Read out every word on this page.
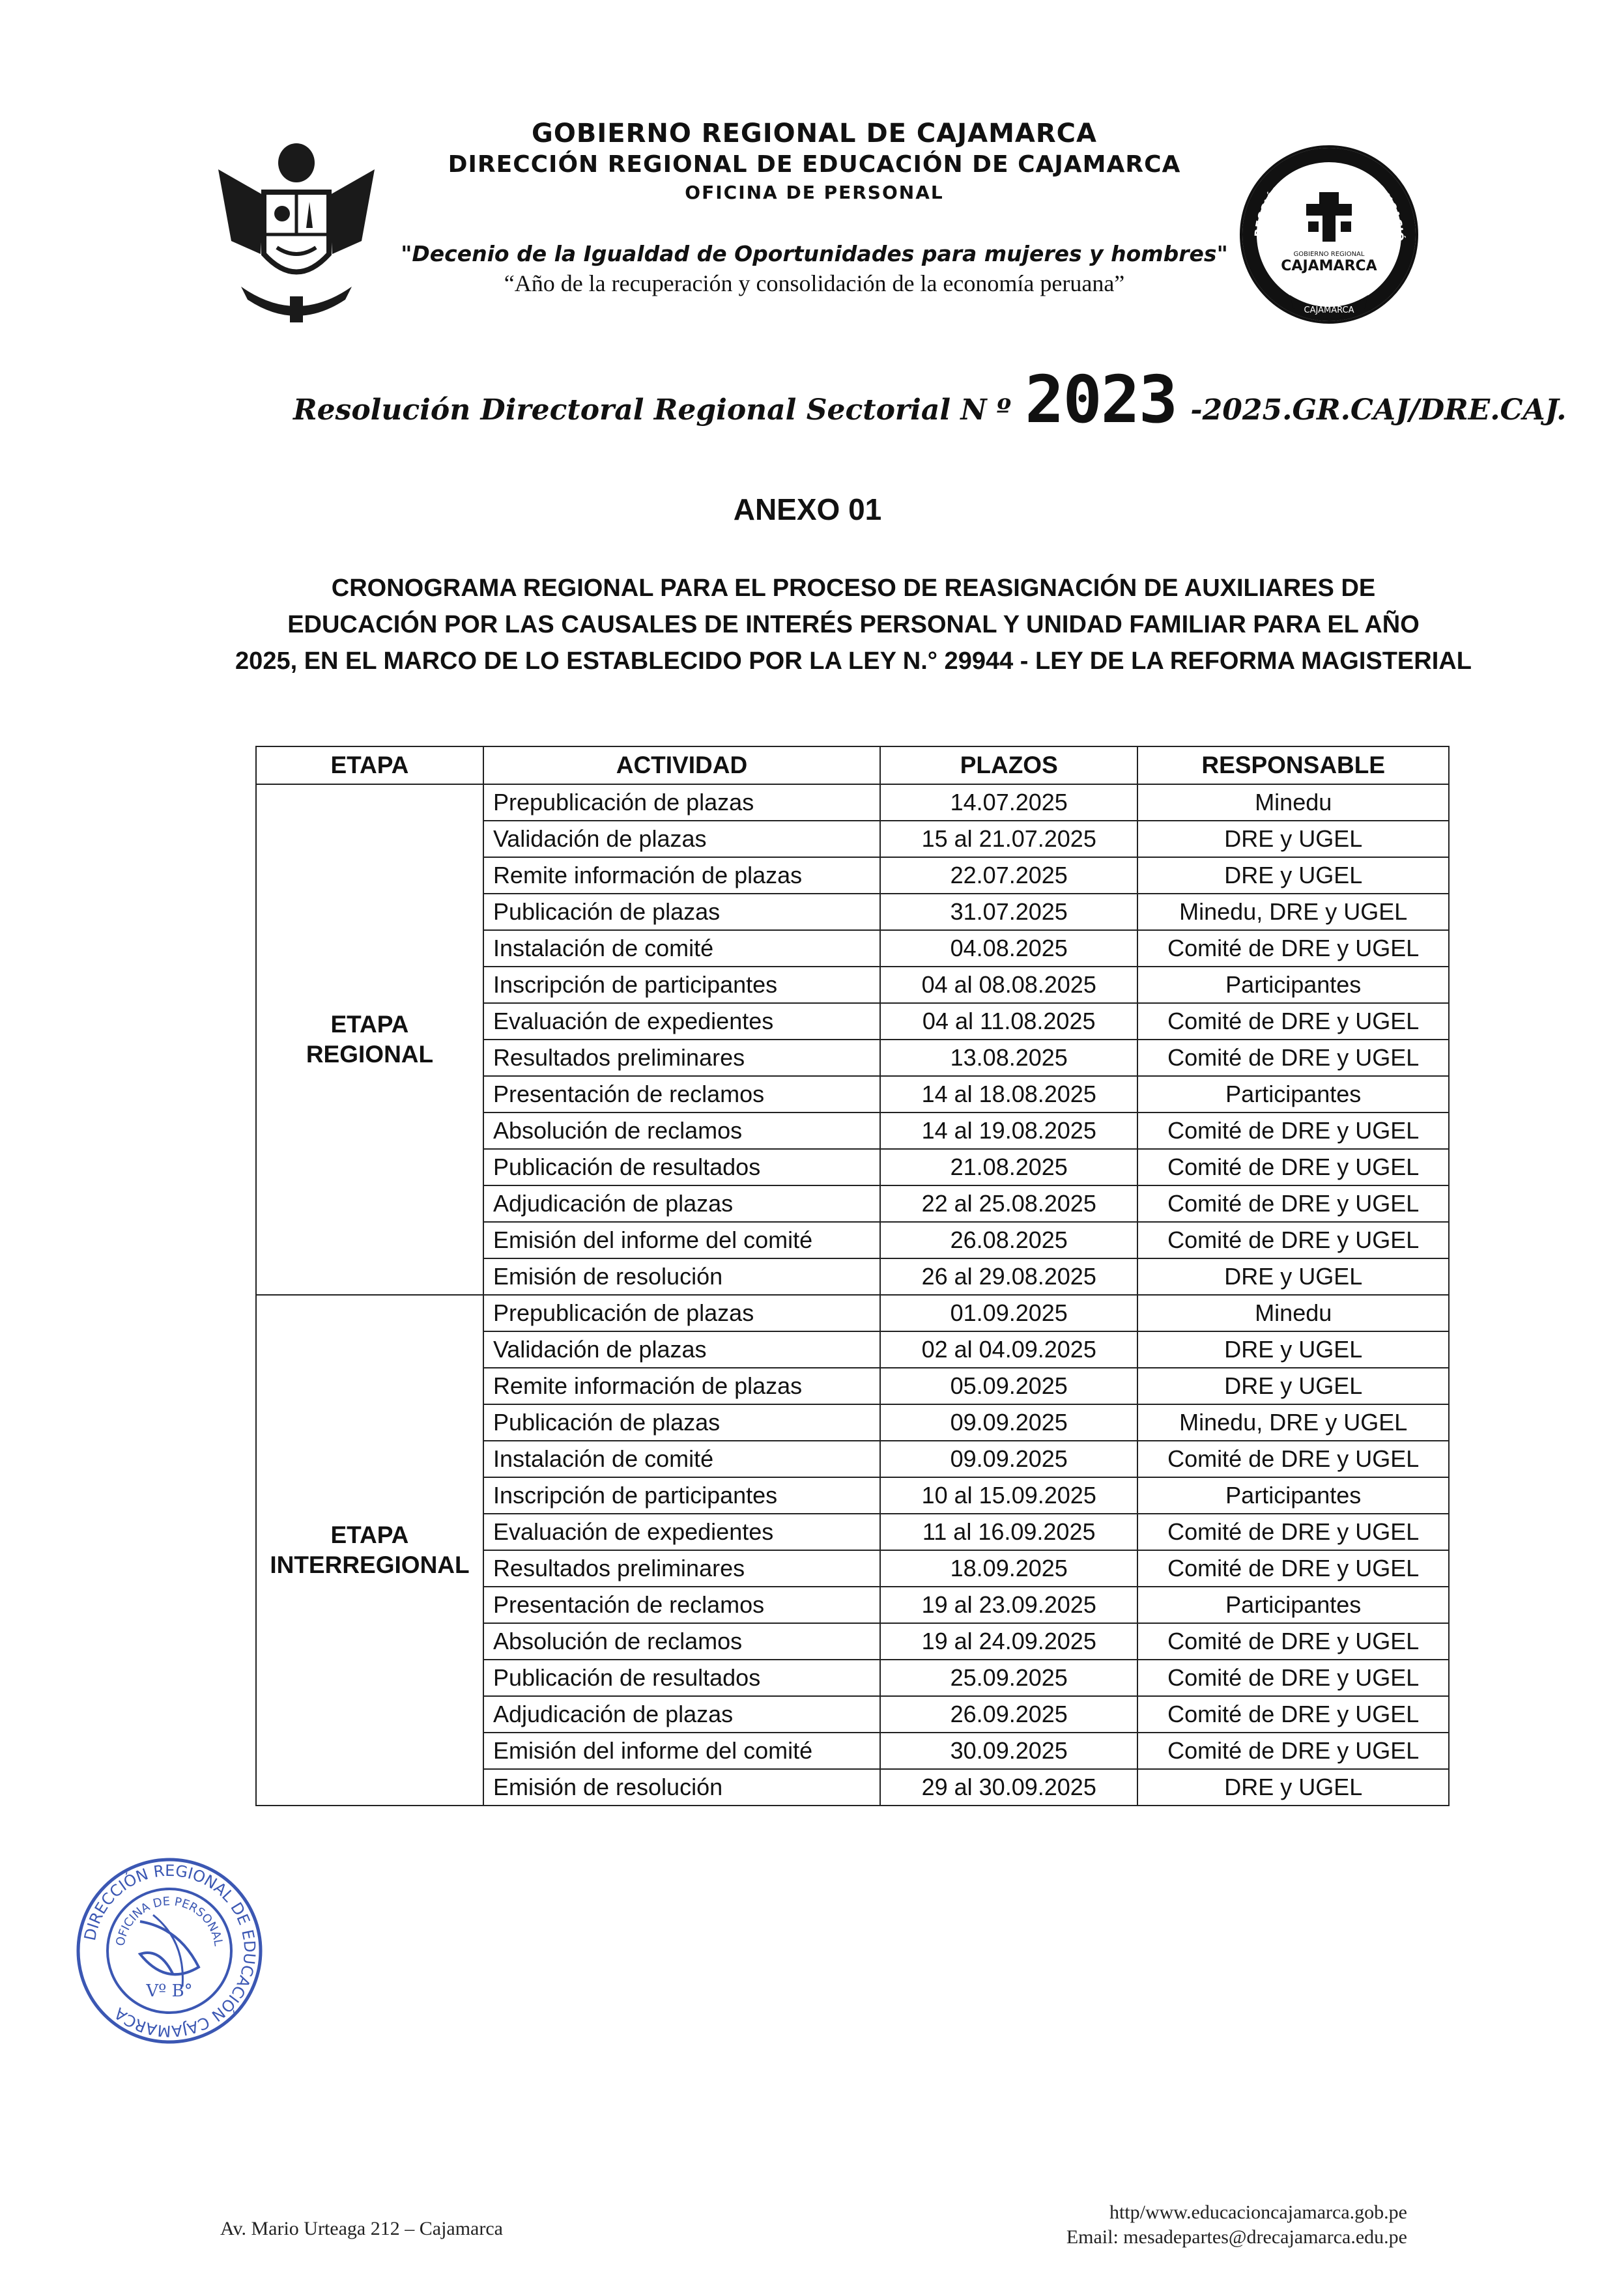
GOBIERNO REGIONAL DE CAJAMARCA
DIRECCIÓN REGIONAL DE EDUCACIÓN DE CAJAMARCA
OFICINA DE PERSONAL
"Decenio de la Igualdad de Oportunidades para mujeres y hombres"
“Año de la recuperación y consolidación de la economía peruana”
RECCIÓN REGIONAL DE EDUCACIÓ
GOBIERNO REGIONAL
CAJAMARCA
CAJAMARCA
Resolución Directoral Regional Sectorial N º 2023 -2025.GR.CAJ/DRE.CAJ.
ANEXO 01
CRONOGRAMA REGIONAL PARA EL PROCESO DE REASIGNACIÓN DE AUXILIARES DE
EDUCACIÓN POR LAS CAUSALES DE INTERÉS PERSONAL Y UNIDAD FAMILIAR PARA EL AÑO
2025, EN EL MARCO DE LO ESTABLECIDO POR LA LEY N.° 29944 - LEY DE LA REFORMA MAGISTERIAL
ETAPA	ACTIVIDAD	PLAZOS	RESPONSABLE

ETAPA
REGIONAL	Prepublicación de plazas	14.07.2025	Minedu
	Validación de plazas	15 al 21.07.2025	DRE y UGEL
	Remite información de plazas	22.07.2025	DRE y UGEL
	Publicación de plazas	31.07.2025	Minedu, DRE y UGEL
	Instalación de comité	04.08.2025	Comité de DRE y UGEL
	Inscripción de participantes	04 al 08.08.2025	Participantes
	Evaluación de expedientes	04 al 11.08.2025	Comité de DRE y UGEL
	Resultados preliminares	13.08.2025	Comité de DRE y UGEL
	Presentación de reclamos	14 al 18.08.2025	Participantes
	Absolución de reclamos	14 al 19.08.2025	Comité de DRE y UGEL
	Publicación de resultados	21.08.2025	Comité de DRE y UGEL
	Adjudicación de plazas	22 al 25.08.2025	Comité de DRE y UGEL
	Emisión del informe del comité	26.08.2025	Comité de DRE y UGEL
	Emisión de resolución	26 al 29.08.2025	DRE y UGEL

ETAPA
INTERREGIONAL	Prepublicación de plazas	01.09.2025	Minedu
	Validación de plazas	02 al 04.09.2025	DRE y UGEL
	Remite información de plazas	05.09.2025	DRE y UGEL
	Publicación de plazas	09.09.2025	Minedu, DRE y UGEL
	Instalación de comité	09.09.2025	Comité de DRE y UGEL
	Inscripción de participantes	10 al 15.09.2025	Participantes
	Evaluación de expedientes	11 al 16.09.2025	Comité de DRE y UGEL
	Resultados preliminares	18.09.2025	Comité de DRE y UGEL
	Presentación de reclamos	19 al 23.09.2025	Participantes
	Absolución de reclamos	19 al 24.09.2025	Comité de DRE y UGEL
	Publicación de resultados	25.09.2025	Comité de DRE y UGEL
	Adjudicación de plazas	26.09.2025	Comité de DRE y UGEL
	Emisión del informe del comité	30.09.2025	Comité de DRE y UGEL
	Emisión de resolución	29 al 30.09.2025	DRE y UGEL
DIRECCIÓN REGIONAL DE EDUCACIÓN CAJAMARCA
OFICINA DE PERSONAL
Vº B°
Av. Mario Urteaga 212 – Cajamarca
http/www.educacioncajamarca.gob.pe
Email: mesadepartes@drecajamarca.edu.pe
